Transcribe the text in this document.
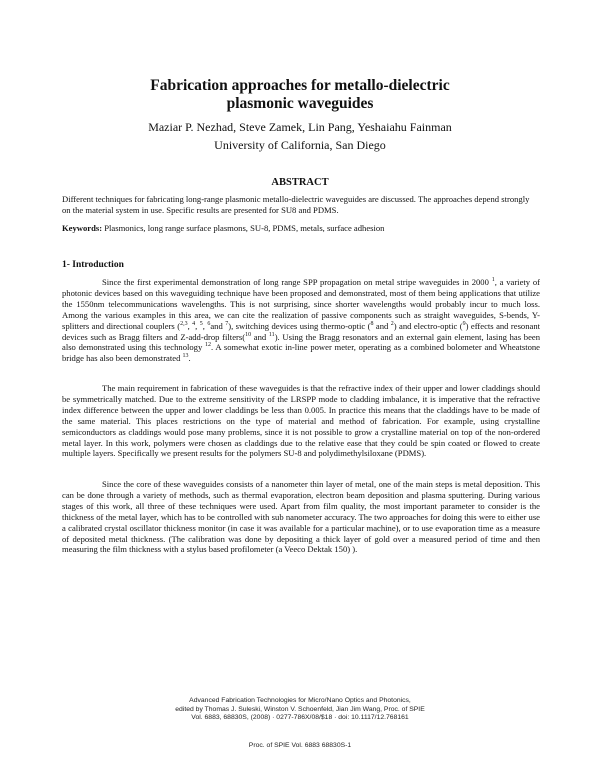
Fabrication approaches for metallo-dielectric
plasmonic waveguides
Maziar P. Nezhad, Steve Zamek, Lin Pang, Yeshaiahu Fainman
University of California, San Diego
ABSTRACT
Different techniques for fabricating long-range plasmonic metallo-dielectric waveguides are discussed. The approaches depend strongly on the material system in use. Specific results are presented for SU8 and PDMS.
Keywords: Plasmonics, long range surface plasmons, SU-8, PDMS, metals, surface adhesion
1- Introduction
Since the first experimental demonstration of long range SPP propagation on metal stripe waveguides in 2000 $^1$, a variety of photonic devices based on this waveguiding technique have been proposed and demonstrated, most of them being applications that utilize the 1550nm telecommunications wavelengths. This is not surprising, since shorter wavelengths would probably incur to much loss. Among the various examples in this area, we can cite the realization of passive components such as straight waveguides, S-bends, Y-splitters and directional couplers ($^{2,3}$, $^4$, $^5$, $^6$and $^7$), switching devices using thermo-optic ($^8$ and $^2$) and electro-optic ($^9$) effects and resonant devices such as Bragg filters and Z-add-drop filters($^{10}$ and $^{11}$). Using the Bragg resonators and an external gain element, lasing has been also demonstrated using this technology $^{12}$. A somewhat exotic in-line power meter, operating as a combined bolometer and Wheatstone bridge has also been demonstrated $^{13}$.
The main requirement in fabrication of these waveguides is that the refractive index of their upper and lower claddings should be symmetrically matched. Due to the extreme sensitivity of the LRSPP mode to cladding imbalance, it is imperative that the refractive index difference between the upper and lower claddings be less than 0.005. In practice this means that the claddings have to be made of the same material. This places restrictions on the type of material and method of fabrication. For example, using crystalline semiconductors as claddings would pose many problems, since it is not possible to grow a crystalline material on top of the non-ordered metal layer. In this work, polymers were chosen as claddings due to the relative ease that they could be spin coated or flowed to create multiple layers. Specifically we present results for the polymers SU-8 and polydimethylsiloxane (PDMS).
Since the core of these waveguides consists of a nanometer thin layer of metal, one of the main steps is metal deposition. This can be done through a variety of methods, such as thermal evaporation, electron beam deposition and plasma sputtering. During various stages of this work, all three of these techniques were used. Apart from film quality, the most important parameter to consider is the thickness of the metal layer, which has to be controlled with sub nanometer accuracy. The two approaches for doing this were to either use a calibrated crystal oscillator thickness monitor (in case it was available for a particular machine), or to use evaporation time as a measure of deposited metal thickness. (The calibration was done by depositing a thick layer of gold over a measured period of time and then measuring the film thickness with a stylus based profilometer (a Veeco Dektak 150) ).
Advanced Fabrication Technologies for Micro/Nano Optics and Photonics,
edited by Thomas J. Suleski, Winston V. Schoenfeld, Jian Jim Wang, Proc. of SPIE
Vol. 6883, 68830S, (2008) · 0277-786X/08/$18 · doi: 10.1117/12.768161
Proc. of SPIE Vol. 6883 68830S-1
